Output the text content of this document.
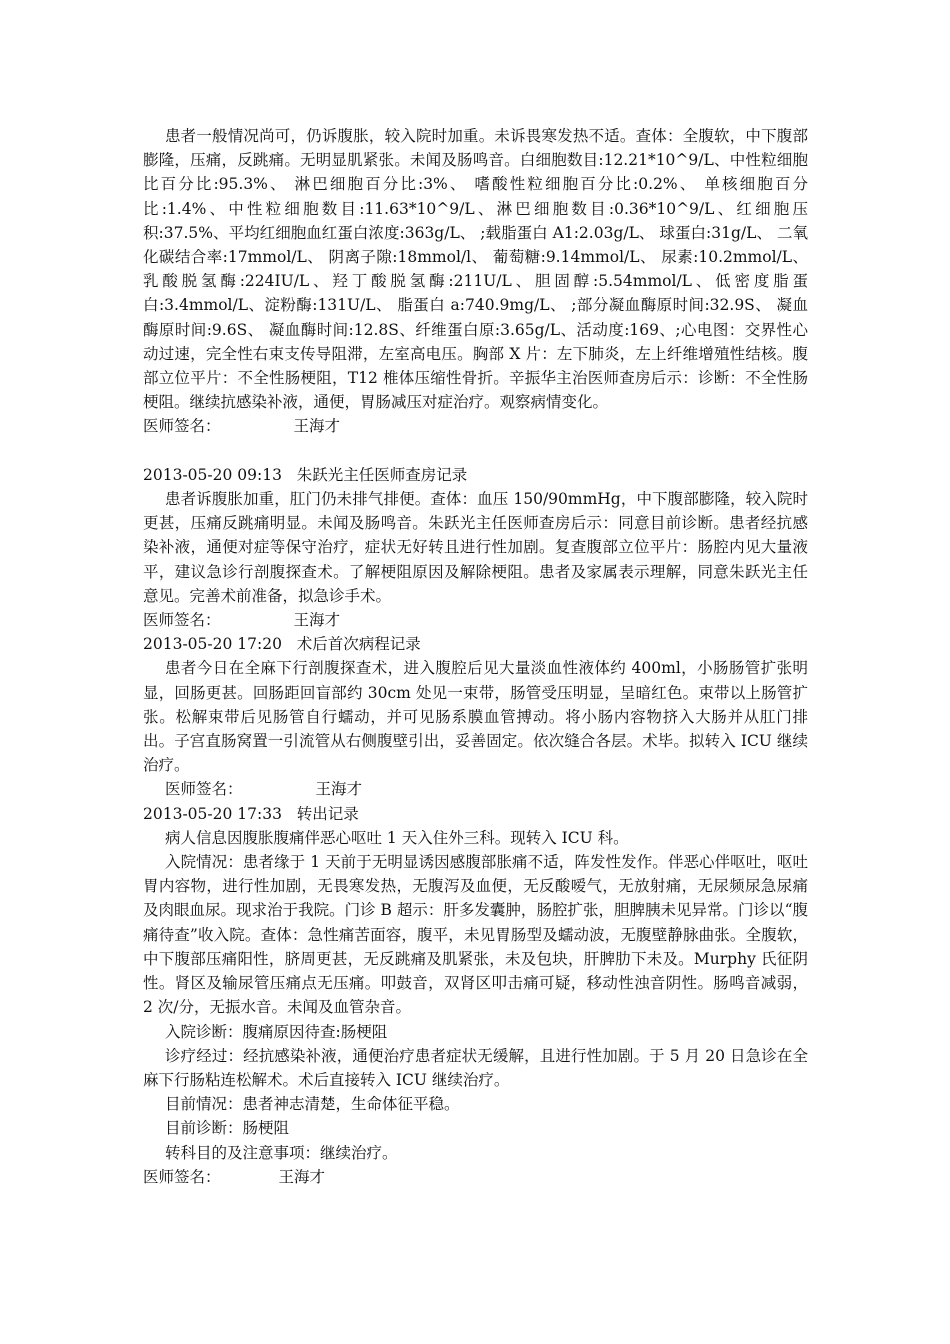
患者一般情况尚可，仍诉腹胀，较入院时加重。未诉畏寒发热不适。查体：全腹软，中下腹部膨隆，压痛，反跳痛。无明显肌紧张。未闻及肠鸣音。白细胞数目:12.21*10^9/L、中性粒细胞比百分比:95.3%、 淋巴细胞百分比:3%、 嗜酸性粒细胞百分比:0.2%、 单核细胞百分比:1.4%、中性粒细胞数目:11.63*10^9/L、淋巴细胞数目:0.36*10^9/L、红细胞压积:37.5%、平均红细胞血红蛋白浓度:363g/L、 ;载脂蛋白 A1:2.03g/L、 球蛋白:31g/L、 二氧化碳结合率:17mmol/L、 阴离子隙:18mmol/l、 葡萄糖:9.14mmol/L、 尿素:10.2mmol/L、 乳酸脱氢酶:224IU/L、羟丁酸脱氢酶:211U/L、胆固醇:5.54mmol/L、低密度脂蛋白:3.4mmol/L、淀粉酶:131U/L、 脂蛋白 a:740.9mg/L、 ;部分凝血酶原时间:32.9S、 凝血酶原时间:9.6S、 凝血酶时间:12.8S、纤维蛋白原:3.65g/L、活动度:169、;心电图：交界性心动过速，完全性右束支传导阻滞，左室高电压。胸部 X 片：左下肺炎，左上纤维增殖性结核。腹部立位平片：不全性肠梗阻，T12 椎体压缩性骨折。辛振华主治医师查房后示：诊断：不全性肠梗阻。继续抗感染补液，通便，胃肠减压对症治疗。观察病情变化。

医师签名：	王海才

2013-05-20 09:13   朱跃光主任医师查房记录

患者诉腹胀加重，肛门仍未排气排便。查体：血压 150/90mmHg，中下腹部膨隆，较入院时更甚，压痛反跳痛明显。未闻及肠鸣音。朱跃光主任医师查房后示：同意目前诊断。患者经抗感染补液，通便对症等保守治疗，症状无好转且进行性加剧。复查腹部立位平片：肠腔内见大量液平，建议急诊行剖腹探查术。了解梗阻原因及解除梗阻。患者及家属表示理解，同意朱跃光主任意见。完善术前准备，拟急诊手术。

医师签名：	王海才

2013-05-20 17:20   术后首次病程记录

患者今日在全麻下行剖腹探查术，进入腹腔后见大量淡血性液体约 400ml，小肠肠管扩张明显，回肠更甚。回肠距回盲部约 30cm 处见一束带，肠管受压明显，呈暗红色。束带以上肠管扩张。松解束带后见肠管自行蠕动，并可见肠系膜血管搏动。将小肠内容物挤入大肠并从肛门排出。子宫直肠窝置一引流管从右侧腹壁引出，妥善固定。依次缝合各层。术毕。拟转入 ICU 继续治疗。

医师签名：	王海才

2013-05-20 17:33   转出记录

病人信息因腹胀腹痛伴恶心呕吐 1 天入住外三科。现转入 ICU 科。

入院情况：患者缘于 1 天前于无明显诱因感腹部胀痛不适，阵发性发作。伴恶心伴呕吐，呕吐胃内容物，进行性加剧，无畏寒发热，无腹泻及血便，无反酸嗳气，无放射痛，无尿频尿急尿痛及肉眼血尿。现求治于我院。门诊 B 超示：肝多发囊肿，肠腔扩张，胆脾胰未见异常。门诊以“腹痛待查”收入院。查体：急性痛苦面容，腹平，未见胃肠型及蠕动波，无腹壁静脉曲张。全腹软，中下腹部压痛阳性，脐周更甚，无反跳痛及肌紧张，未及包块，肝脾肋下未及。Murphy 氏征阴性。肾区及输尿管压痛点无压痛。叩鼓音，双肾区叩击痛可疑，移动性浊音阴性。肠鸣音减弱， 2 次/分，无振水音。未闻及血管杂音。

入院诊断：腹痛原因待查:肠梗阻

诊疗经过：经抗感染补液，通便治疗患者症状无缓解，且进行性加剧。于 5 月 20 日急诊在全麻下行肠粘连松解术。术后直接转入 ICU 继续治疗。

目前情况：患者神志清楚，生命体征平稳。

目前诊断：肠梗阻

转科目的及注意事项：继续治疗。

医师签名：	王海才
